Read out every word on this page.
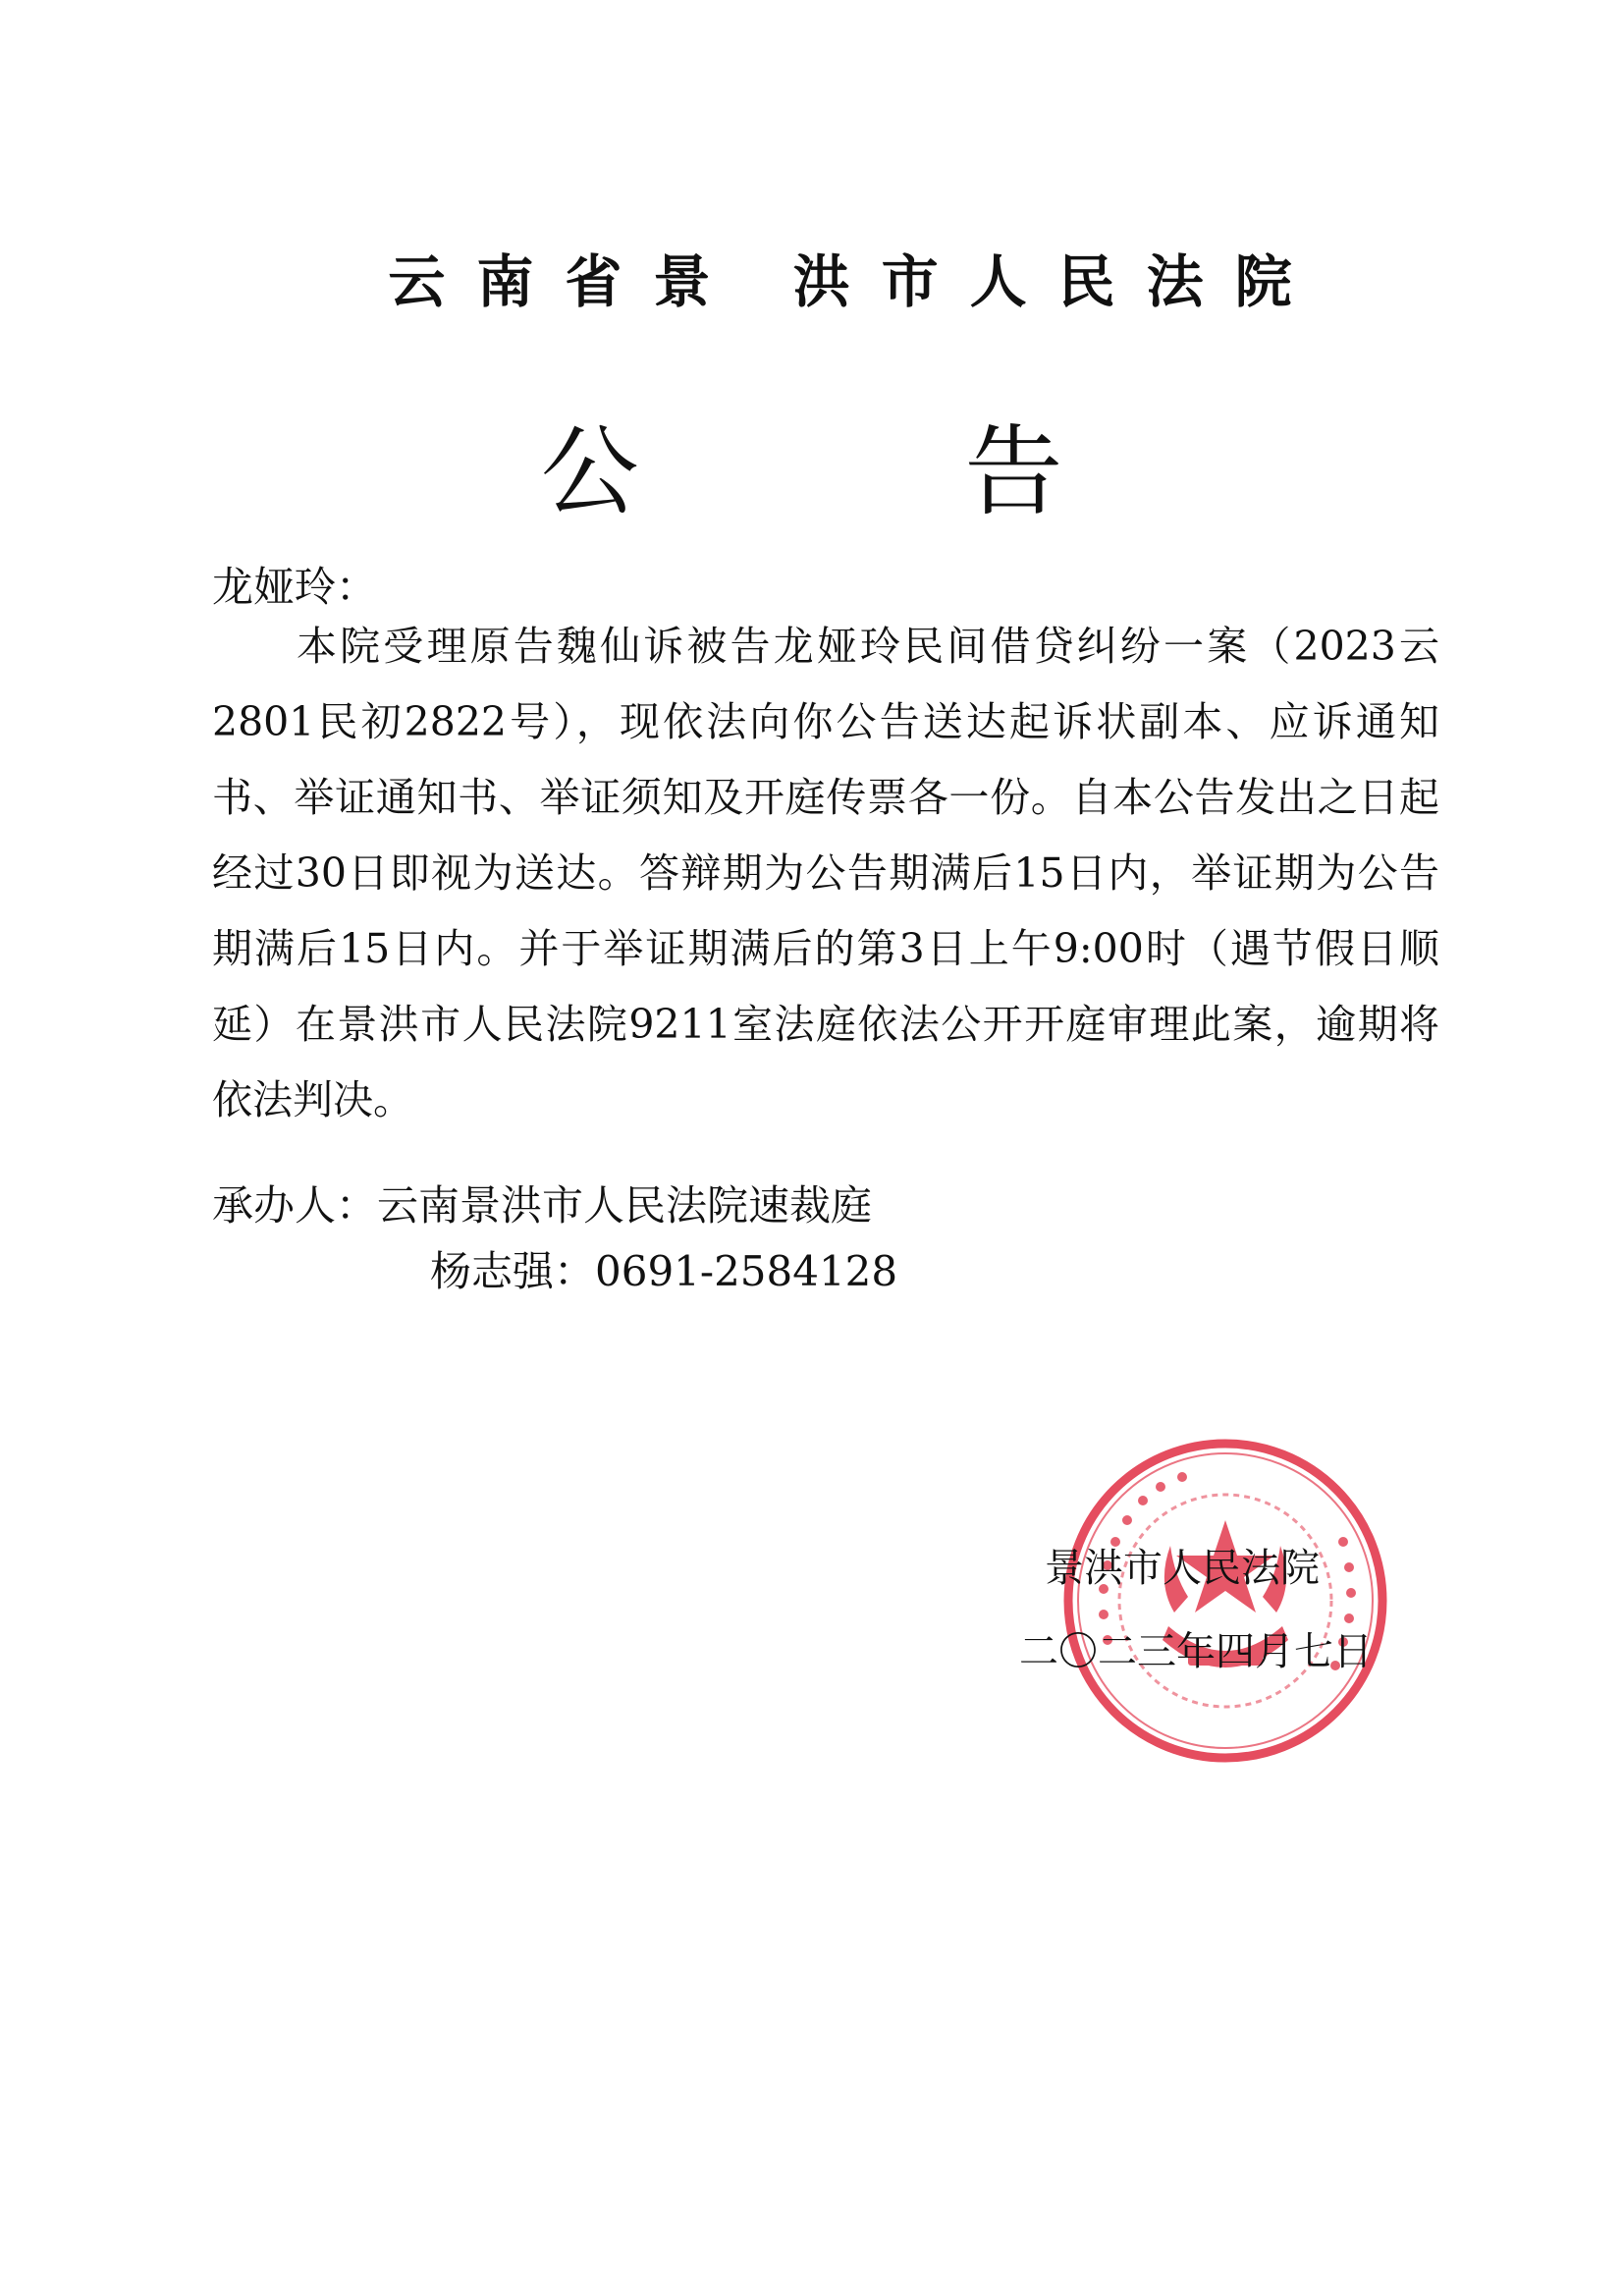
云南省景 洪市人民法院
公 告
龙娅玲：

本院受理原告魏仙诉被告龙娅玲民间借贷纠纷一案（2023云2801民初2822号），现依法向你公告送达起诉状副本、应诉通知书、举证通知书、举证须知及开庭传票各一份。自本公告发出之日起经过30日即视为送达。答辩期为公告期满后15日内，举证期为公告期满后15日内。并于举证期满后的第3日上午9:00时（遇节假日顺延）在景洪市人民法院9211室法庭依法公开开庭审理此案，逾期将依法判决。

承办人：云南景洪市人民法院速裁庭
杨志强：0691-2584128
景洪市人民法院
二〇二三年四月七日
